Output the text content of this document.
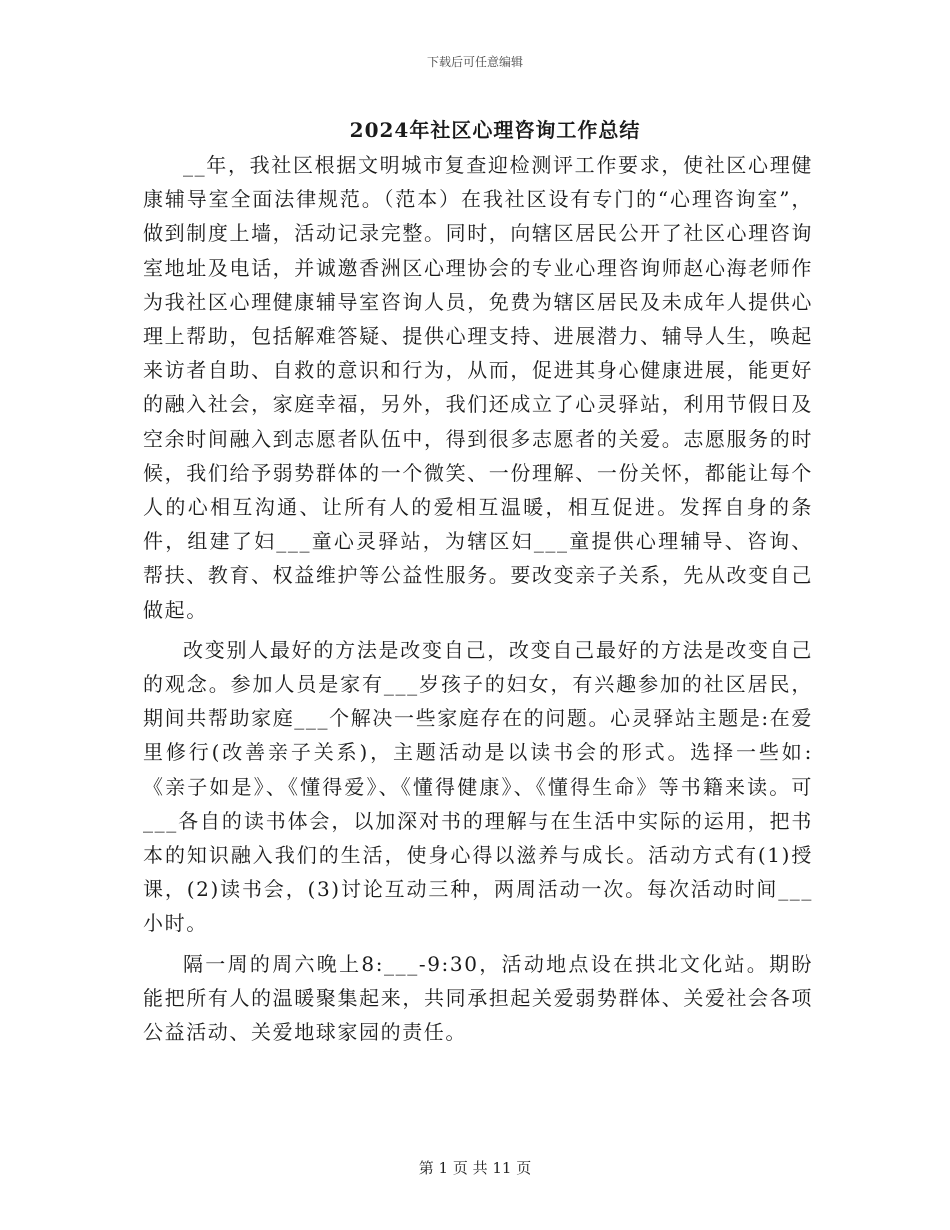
下载后可任意编辑
2024年社区心理咨询工作总结

__年，我社区根据文明城市复查迎检测评工作要求，使社区心理健康辅导室全面法律规范。（范本）在我社区设有专门的“心理咨询室”，做到制度上墙，活动记录完整。同时，向辖区居民公开了社区心理咨询室地址及电话，并诚邀香洲区心理协会的专业心理咨询师赵心海老师作为我社区心理健康辅导室咨询人员，免费为辖区居民及未成年人提供心理上帮助，包括解难答疑、提供心理支持、进展潜力、辅导人生，唤起来访者自助、自救的意识和行为，从而，促进其身心健康进展，能更好的融入社会，家庭幸福，另外，我们还成立了心灵驿站，利用节假日及空余时间融入到志愿者队伍中，得到很多志愿者的关爱。志愿服务的时候，我们给予弱势群体的一个微笑、一份理解、一份关怀，都能让每个人的心相互沟通、让所有人的爱相互温暖，相互促进。发挥自身的条件，组建了妇___童心灵驿站，为辖区妇___童提供心理辅导、咨询、帮扶、教育、权益维护等公益性服务。要改变亲子关系，先从改变自己做起。

改变别人最好的方法是改变自己，改变自己最好的方法是改变自己的观念。参加人员是家有___岁孩子的妇女，有兴趣参加的社区居民，期间共帮助家庭___个解决一些家庭存在的问题。心灵驿站主题是:在爱里修行(改善亲子关系)，主题活动是以读书会的形式。选择一些如:《亲子如是》、《懂得爱》、《懂得健康》、《懂得生命》等书籍来读。可___各自的读书体会，以加深对书的理解与在生活中实际的运用，把书本的知识融入我们的生活，使身心得以滋养与成长。活动方式有(1)授课，(2)读书会，(3)讨论互动三种，两周活动一次。每次活动时间___小时。

隔一周的周六晚上8:___-9:30，活动地点设在拱北文化站。期盼能把所有人的温暖聚集起来，共同承担起关爱弱势群体、关爱社会各项公益活动、关爱地球家园的责任。

第 1 页 共 11 页
